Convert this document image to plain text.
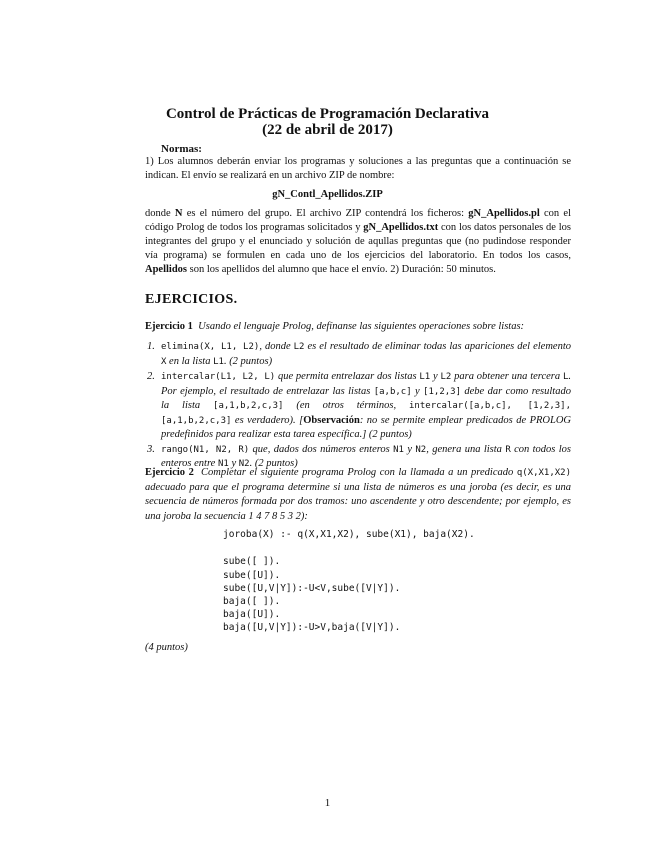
Control de Prácticas de Programación Declarativa
(22 de abril de 2017)
Normas:
1) Los alumnos deberán enviar los programas y soluciones a las preguntas que a continuación se indican. El envío se realizará en un archivo ZIP de nombre:
gN_Contl_Apellidos.ZIP
donde N es el número del grupo. El archivo ZIP contendrá los ficheros: gN_Apellidos.pl con el código Prolog de todos los programas solicitados y gN_Apellidos.txt con los datos personales de los integrantes del grupo y el enunciado y solución de aqullas preguntas que (no pudindose responder vía programa) se formulen en cada uno de los ejercicios del laboratorio. En todos los casos, Apellidos son los apellidos del alumno que hace el envío. 2) Duración: 50 minutos.
EJERCICIOS.
Ejercicio 1 Usando el lenguaje Prolog, defínanse las siguientes operaciones sobre listas:
1. elimina(X, L1, L2), donde L2 es el resultado de eliminar todas las apariciones del elemento X en la lista L1. (2 puntos)
2. intercalar(L1, L2, L) que permita entrelazar dos listas L1 y L2 para obtener una tercera L. Por ejemplo, el resultado de entrelazar las listas [a,b,c] y [1,2,3] debe dar como resultado la lista [a,1,b,2,c,3] (en otros términos, intercalar([a,b,c], [1,2,3], [a,1,b,2,c,3] es verdadero). [Observación: no se permite emplear predicados de PROLOG predefinidos para realizar esta tarea específica.] (2 puntos)
3. rango(N1, N2, R) que, dados dos números enteros N1 y N2, genera una lista R con todos los enteros entre N1 y N2. (2 puntos)
Ejercicio 2 Completar el siguiente programa Prolog con la llamada a un predicado q(X,X1,X2) adecuado para que el programa determine si una lista de números es una joroba (es decir, es una secuencia de números formada por dos tramos: uno ascendente y otro descendente; por ejemplo, es una joroba la secuencia 1 4 7 8 5 3 2):
joroba(X) :- q(X,X1,X2), sube(X1), baja(X2).
sube([ ]).
sube([U]).
sube([U,V|Y]):-U<V,sube([V|Y]).
baja([ ]).
baja([U]).
baja([U,V|Y]):-U>V,baja([V|Y]).
(4 puntos)
1
